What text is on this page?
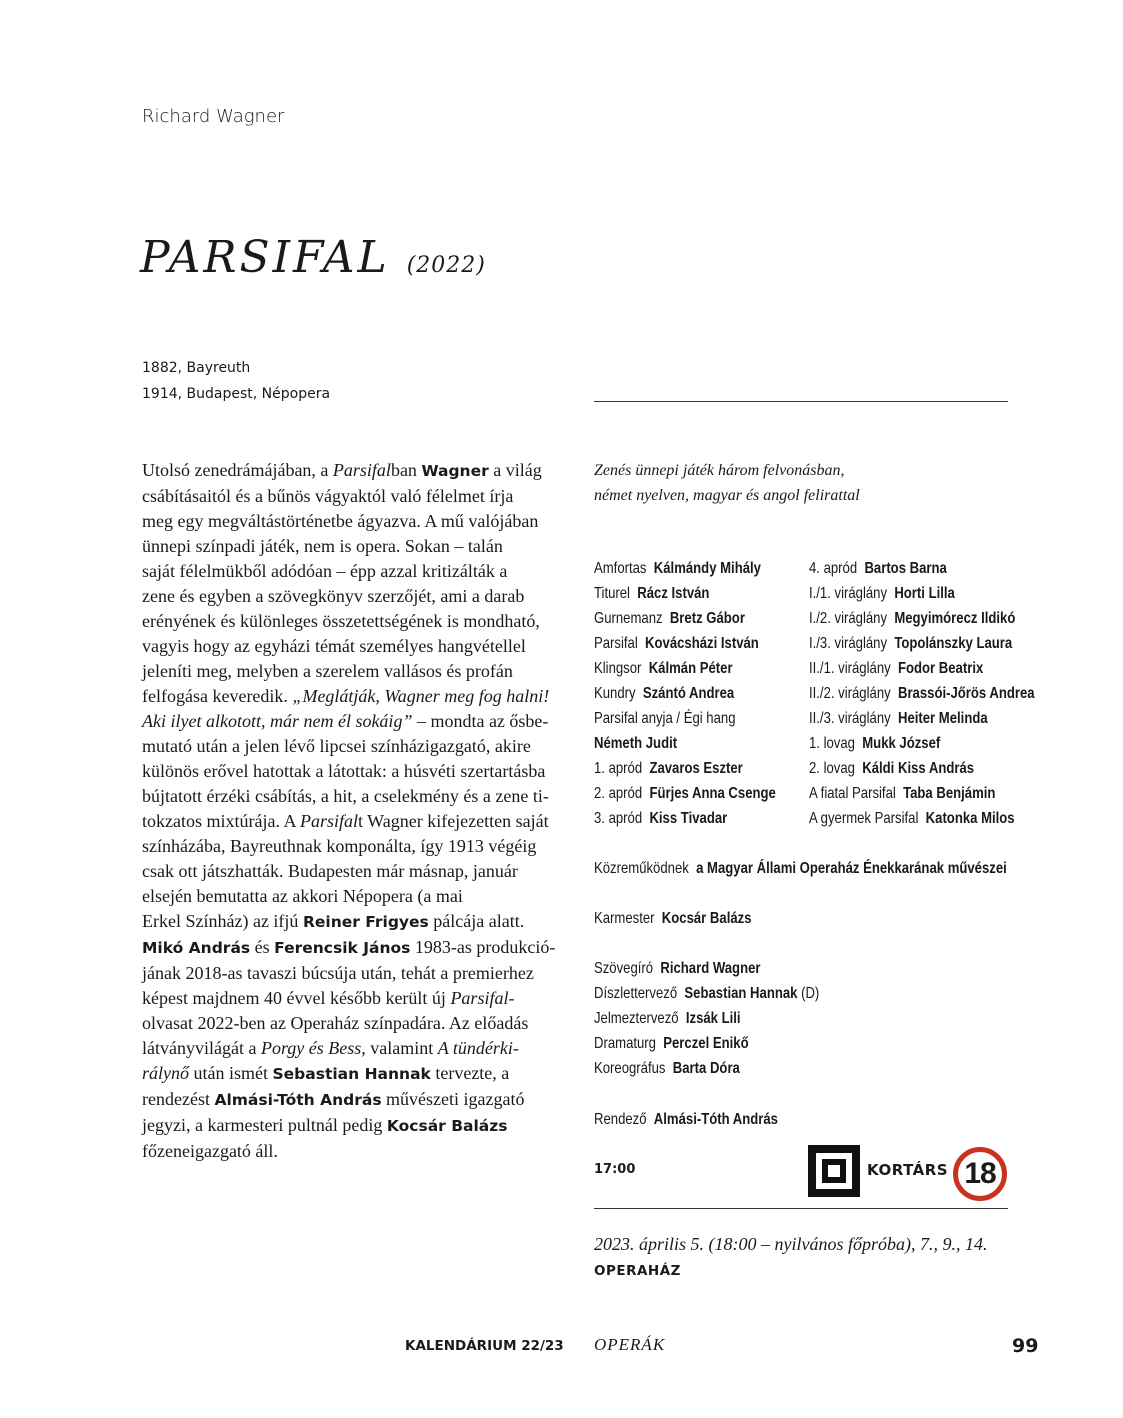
Richard Wagner
PARSIFAL (2022)
1882, Bayreuth
1914, Budapest, Népopera
Utolsó zenedrámájában, a Parsifalban Wagner a világ
csábításaitól és a bűnös vágyaktól való félelmet írja
meg egy megváltástörténetbe ágyazva. A mű valójában
ünnepi színpadi játék, nem is opera. Sokan – talán
saját félelmükből adódóan – épp azzal kritizálták a
zene és egyben a szövegkönyv szerzőjét, ami a darab
erényének és különleges összetettségének is mondható,
vagyis hogy az egyházi témát személyes hangvétellel
jeleníti meg, melyben a szerelem vallásos és profán
felfogása keveredik. „Meglátják, Wagner meg fog halni!
Aki ilyet alkotott, már nem él sokáig” – mondta az ősbe-
mutató után a jelen lévő lipcsei színházigazgató, akire
különös erővel hatottak a látottak: a húsvéti szertartásba
bújtatott érzéki csábítás, a hit, a cselekmény és a zene ti-
tokzatos mixtúrája. A Parsifalt Wagner kifejezetten saját
színházába, Bayreuthnak komponálta, így 1913 végéig
csak ott játszhatták. Budapesten már másnap, január
elsején bemutatta az akkori Népopera (a mai
Erkel Színház) az ifjú Reiner Frigyes pálcája alatt.
Mikó András és Ferencsik János 1983-as produkció-
jának 2018-as tavaszi búcsúja után, tehát a premierhez
képest majdnem 40 évvel később került új Parsifal-
olvasat 2022-ben az Operaház színpadára. Az előadás
látványvilágát a Porgy és Bess, valamint A tündérki-
rálynő után ismét Sebastian Hannak tervezte, a
rendezést Almási-Tóth András művészeti igazgató
jegyzi, a karmesteri pultnál pedig Kocsár Balázs
főzeneigazgató áll.
Zenés ünnepi játék három felvonásban,
német nyelven, magyar és angol felirattal
Amfortas Kálmándy Mihály
Titurel Rácz István
Gurnemanz Bretz Gábor
Parsifal Kovácsházi István
Klingsor Kálmán Péter
Kundry Szántó Andrea
Parsifal anyja / Égi hang
Németh Judit
1. apród Zavaros Eszter
2. apród Fürjes Anna Csenge
3. apród Kiss Tivadar
4. apród Bartos Barna
I./1. viráglány Horti Lilla
I./2. viráglány Megyimórecz Ildikó
I./3. viráglány Topolánszky Laura
II./1. viráglány Fodor Beatrix
II./2. viráglány Brassói-Jőrös Andrea
II./3. viráglány Heiter Melinda
1. lovag Mukk József
2. lovag Káldi Kiss András
A fiatal Parsifal Taba Benjámin
A gyermek Parsifal Katonka Milos
Közreműködnek a Magyar Állami Operaház Énekkarának művészei
Karmester Kocsár Balázs
Szövegíró Richard Wagner
Díszlettervező Sebastian Hannak (D)
Jelmeztervező Izsák Lili
Dramaturg Perczel Enikő
Koreográfus Barta Dóra
Rendező Almási-Tóth András
17:00	KORTÁRS 18
2023. április 5. (18:00 – nyilvános főpróba), 7., 9., 14.
OPERAHÁZ
KALENDÁRIUM 22/23 OPERÁK	99
